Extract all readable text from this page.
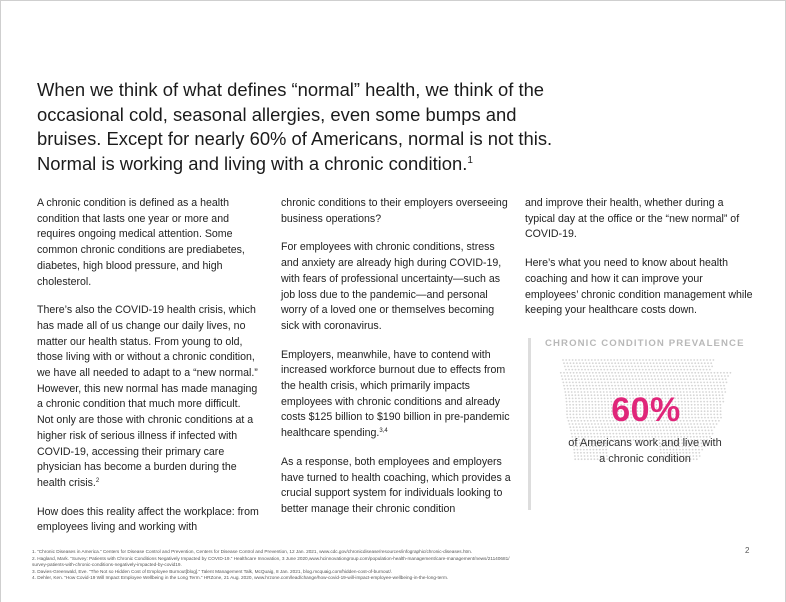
When we think of what defines “normal” health, we think of the occasional cold, seasonal allergies, even some bumps and bruises. Except for nearly 60% of Americans, normal is not this. Normal is working and living with a chronic condition.$^1$

A chronic condition is defined as a health condition that lasts one year or more and requires ongoing medical attention. Some common chronic conditions are prediabetes, diabetes, high blood pressure, and high cholesterol.

There’s also the COVID-19 health crisis, which has made all of us change our daily lives, no matter our health status. From young to old, those living with or without a chronic condition, we have all needed to adapt to a “new normal.” However, this new normal has made managing a chronic condition that much more difficult. Not only are those with chronic conditions at a higher risk of serious illness if infected with COVID-19, accessing their primary care physician has become a burden during the health crisis.$^2$

How does this reality affect the workplace: from employees living and working with

chronic conditions to their employers overseeing business operations?

For employees with chronic conditions, stress and anxiety are already high during COVID-19, with fears of professional uncertainty—such as job loss due to the pandemic—and personal worry of a loved one or themselves becoming sick with coronavirus.

Employers, meanwhile, have to contend with increased workforce burnout due to effects from the health crisis, which primarily impacts employees with chronic conditions and already costs $125 billion to $190 billion in pre-pandemic healthcare spending.$^{3,4}$

As a response, both employees and employers have turned to health coaching, which provides a crucial support system for individuals looking to better manage their chronic condition

and improve their health, whether during a typical day at the office or the “new normal” of COVID-19.

Here’s what you need to know about health coaching and how it can improve your employees’ chronic condition management while keeping your healthcare costs down.

CHRONIC CONDITION PREVALENCE
60%
of Americans work and live with a chronic condition
1. “Chronic Diseases in America.” Centers for Disease Control and Prevention, Centers for Disease Control and Prevention, 12 Jan. 2021, www.cdc.gov/chronicdisease/resources/infographic/chronic-diseases.htm.
2. Hagland, Mark. “Survey: Patients with Chronic Conditions Negatively Impacted by COVID-19.” Healthcare Innovation, 3 June 2020,www.hcinnovationgroup.com/population-health-management/care-management/news/21140681/
survey-patients-with-chronic-conditions-negatively-impacted-by-covid19.
3. Davies-Greenwald, Eve. “The Not so Hidden Cost of Employee Burnout[blog].” Talent Management Talk, McQuaig, 8 Jan. 2021, blog.mcquaig.com/hidden-cost-of-burnout/.
4. Dehler, Ken. “How Covid-19 Will Impact Employee Wellbeing in the Long Term.” HRZone, 21 Aug. 2020, www.hrzone.com/lead/change/how-covid-19-will-impact-employee-wellbeing-in-the-long-term.
2
